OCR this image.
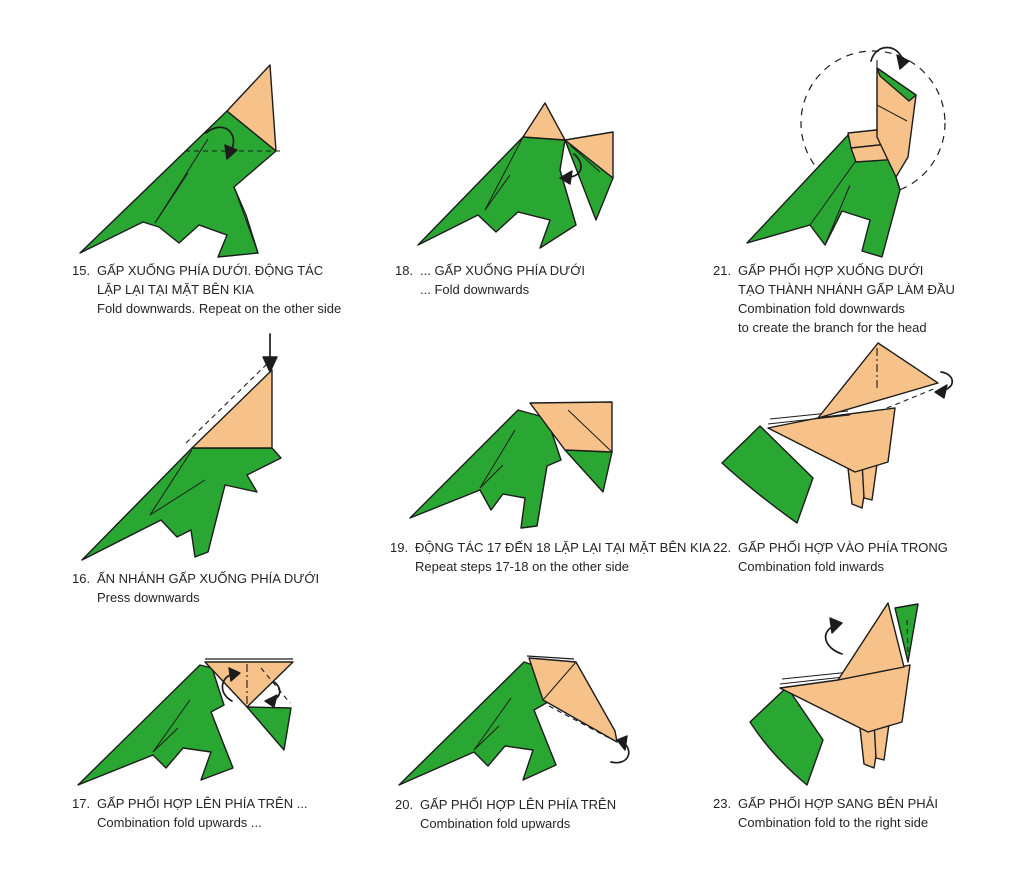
15. GẤP XUỐNG PHÍA DƯỚI. ĐỘNG TÁC
LẶP LẠI TẠI MẶT BÊN KIA
Fold downwards. Repeat on the other side
18. ... GẤP XUỐNG PHÍA DƯỚI
... Fold downwards
21. GẤP PHỐI HỢP XUỐNG DƯỚI
TẠO THÀNH NHÁNH GẤP LÀM ĐẦU
Combination fold downwards
to create the branch for the head
16. ẤN NHÁNH GẤP XUỐNG PHÍA DƯỚI
Press downwards
19. ĐỘNG TÁC 17 ĐẾN 18 LẶP LẠI TẠI MẶT BÊN KIA
Repeat steps 17-18 on the other side
22. GẤP PHỐI HỢP VÀO PHÍA TRONG
Combination fold inwards
17. GẤP PHỐI HỢP LÊN PHÍA TRÊN ...
Combination fold upwards ...
20. GẤP PHỐI HỢP LÊN PHÍA TRÊN
Combination fold upwards
23. GẤP PHỐI HỢP SANG BÊN PHẢI
Combination fold to the right side
